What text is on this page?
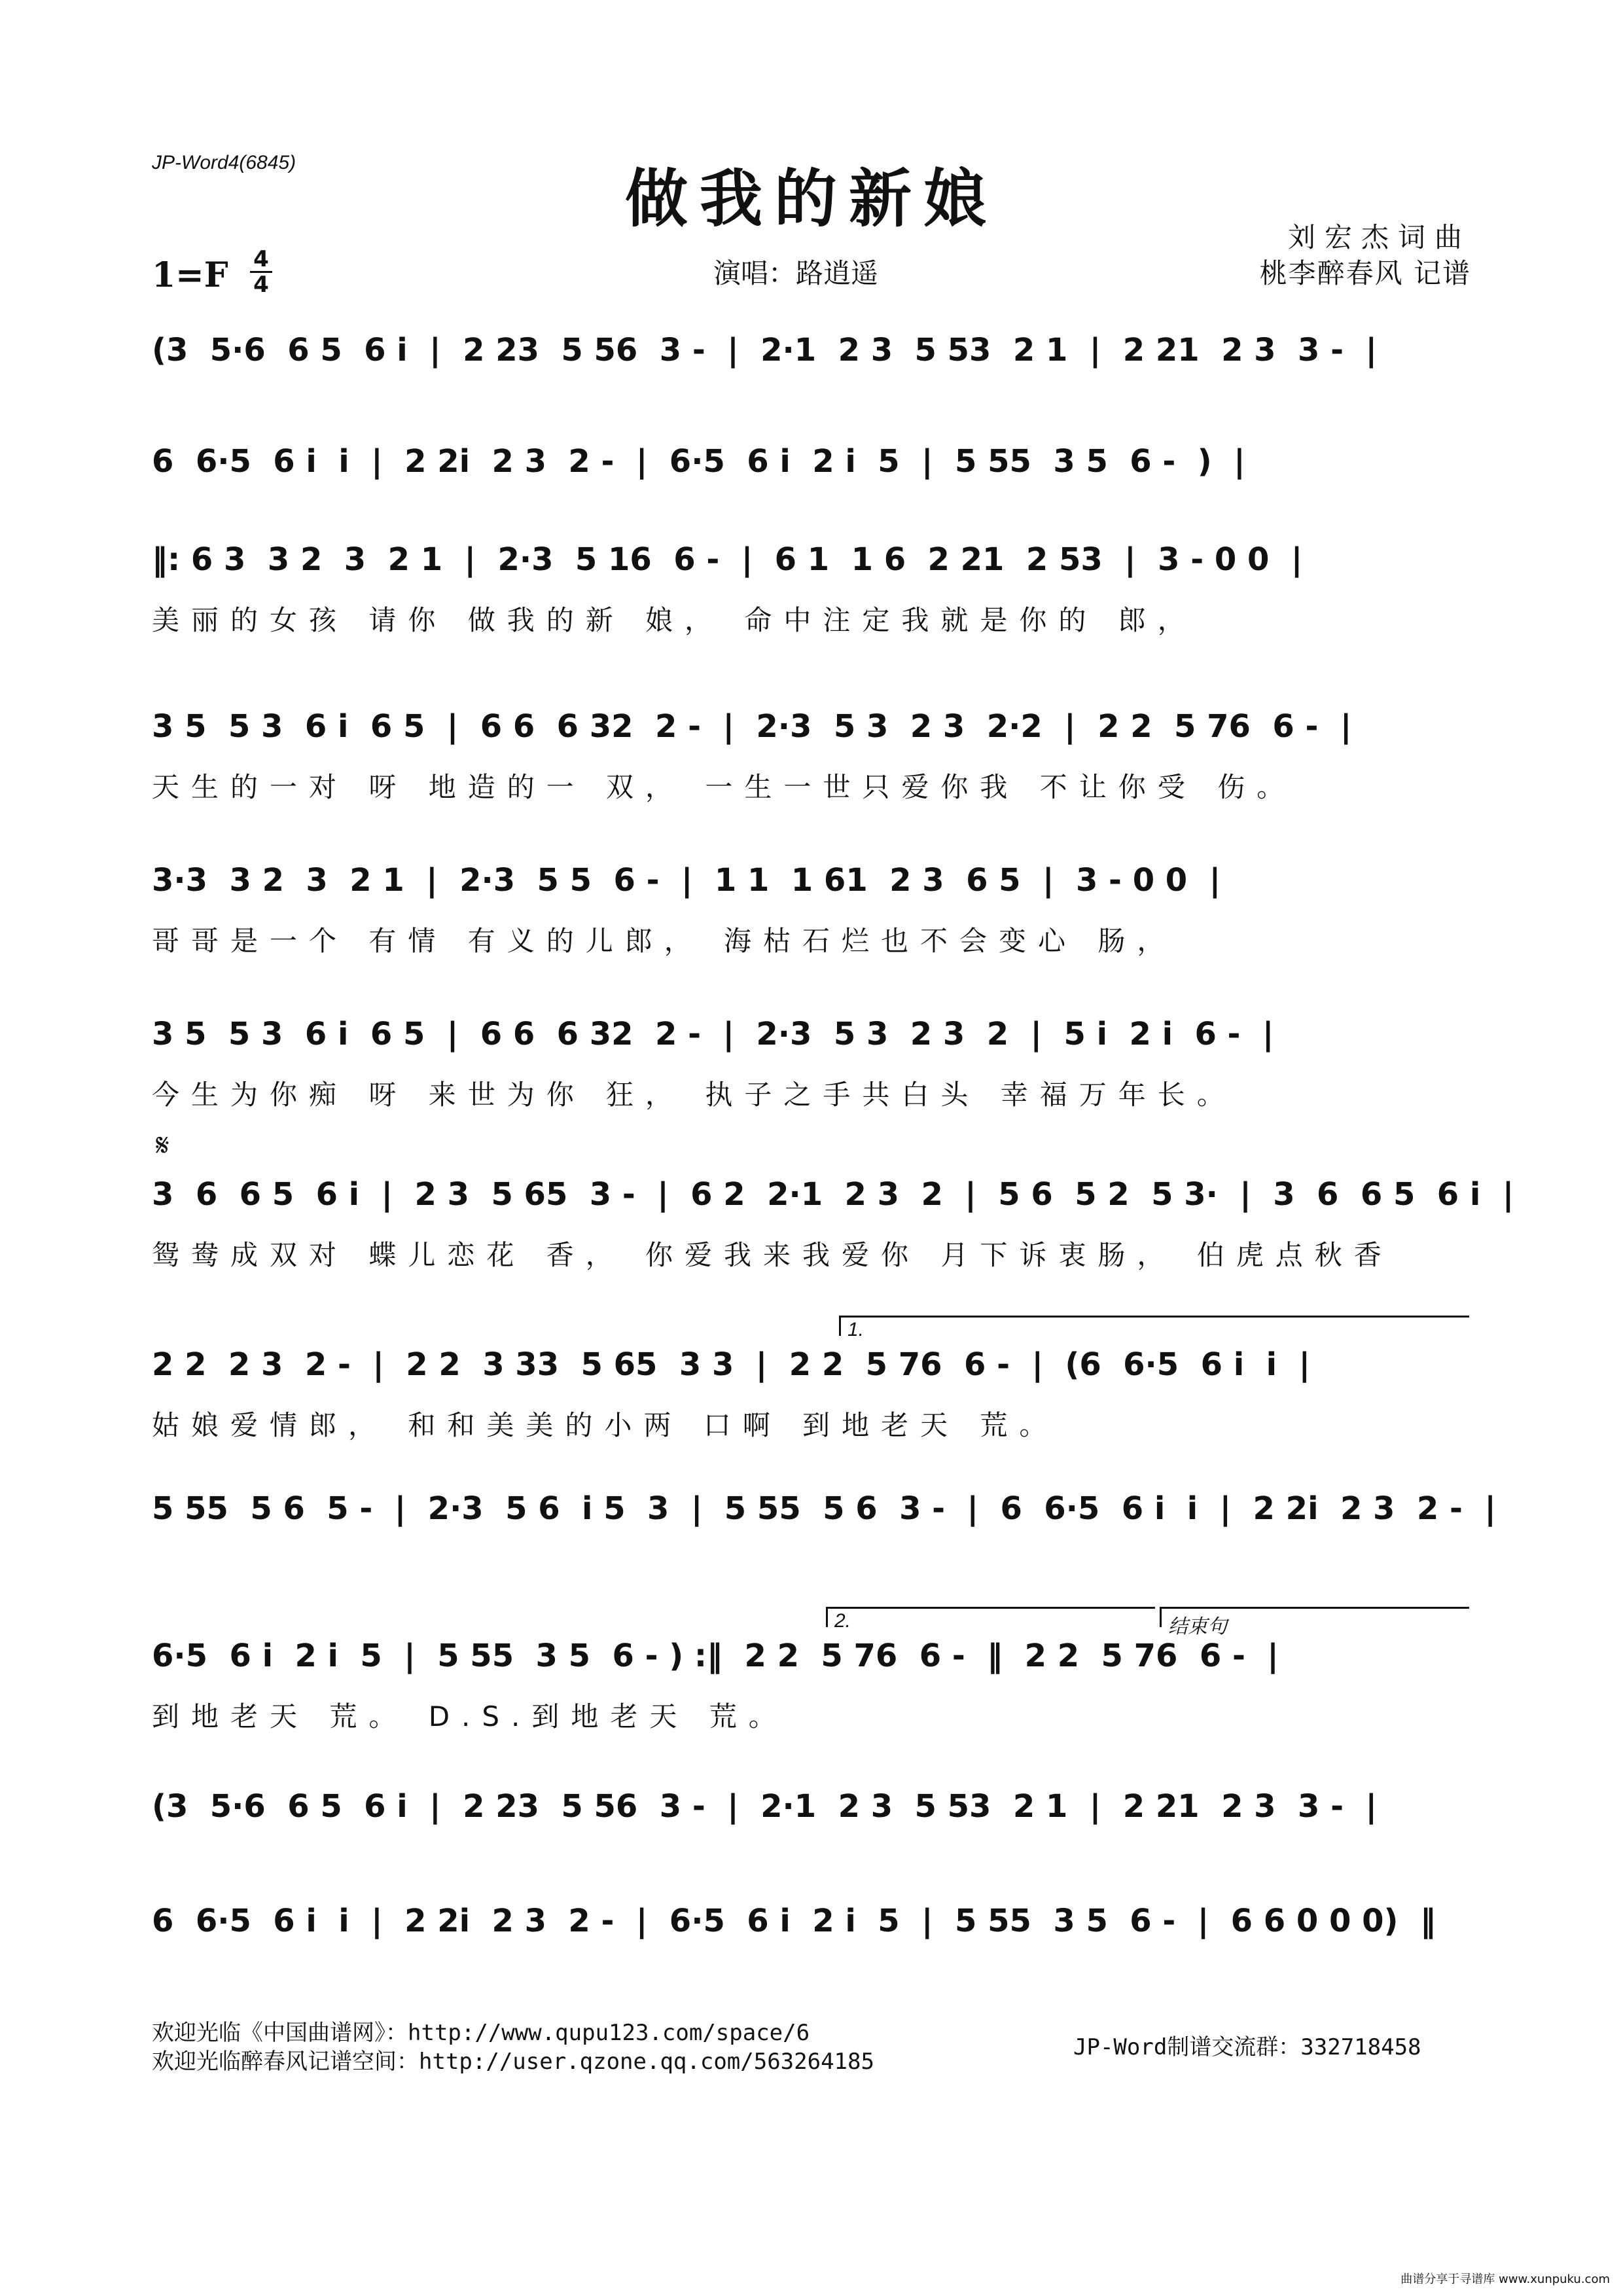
JP-Word4(6845)	做我的新娘
刘宏杰词曲
桃李醉春风 记谱
演唱：路逍遥
1=F 4
4
𝄋
(3  5·6  6 5  6 i  |  2 23  5 56  3 -  |  2·1  2 3  5 53  2 1  |  2 21  2 3  3 -  |
6  6·5  6 i  i  |  2 2i  2 3  2 -  |  6·5  6 i  2 i  5  |  5 55  3 5  6 -  )  |
‖: 6 3  3 2  3  2 1  |  2·3  5 16  6 -  |  6 1  1 6  2 21  2 53  |  3 - 0 0  |
美丽的女孩 请你 做我的新 娘， 命中注定我就是你的 郎，
3 5  5 3  6 i  6 5  |  6 6  6 32  2 -  |  2·3  5 3  2 3  2·2  |  2 2  5 76  6 -  |
天生的一对 呀 地造的一 双， 一生一世只爱你我 不让你受 伤。
3·3  3 2  3  2 1  |  2·3  5 5  6 -  |  1 1  1 61  2 3  6 5  |  3 - 0 0  |
哥哥是一个 有情 有义的儿郎， 海枯石烂也不会变心 肠，
3 5  5 3  6 i  6 5  |  6 6  6 32  2 -  |  2·3  5 3  2 3  2  |  5 i  2 i  6 -  |
今生为你痴 呀 来世为你 狂， 执子之手共白头 幸福万年长。
3  6  6 5  6 i  |  2 3  5 65  3 -  |  6 2  2·1  2 3  2  |  5 6  5 2  5 3·  |  3  6  6 5  6 i  |
鸳鸯成双对 蝶儿恋花 香， 你爱我来我爱你 月下诉衷肠， 伯虎点秋香
1.
2 2  2 3  2 -  |  2 2  3 33  5 65  3 3  |  2 2  5 76  6 -  |  (6  6·5  6 i  i  |
姑娘爱情郎， 和和美美的小两 口啊 到地老天 荒。
5 55  5 6  5 -  |  2·3  5 6  i 5  3  |  5 55  5 6  3 -  |  6  6·5  6 i  i  |  2 2i  2 3  2 -  |
2.	结束句
6·5  6 i  2 i  5  |  5 55  3 5  6 - ) :‖  2 2  5 76  6 -  ‖  2 2  5 76  6 -  |
到地老天 荒。 D.S.到地老天 荒。
(3  5·6  6 5  6 i  |  2 23  5 56  3 -  |  2·1  2 3  5 53  2 1  |  2 21  2 3  3 -  |
6  6·5  6 i  i  |  2 2i  2 3  2 -  |  6·5  6 i  2 i  5  |  5 55  3 5  6 -  |  6 6 0 0 0)  ‖
欢迎光临《中国曲谱网》：http://www.qupu123.com/space/6
欢迎光临醉春风记谱空间：http://user.qzone.qq.com/563264185
JP-Word制谱交流群：332718458
曲谱分享于寻谱库 www.xunpuku.com
